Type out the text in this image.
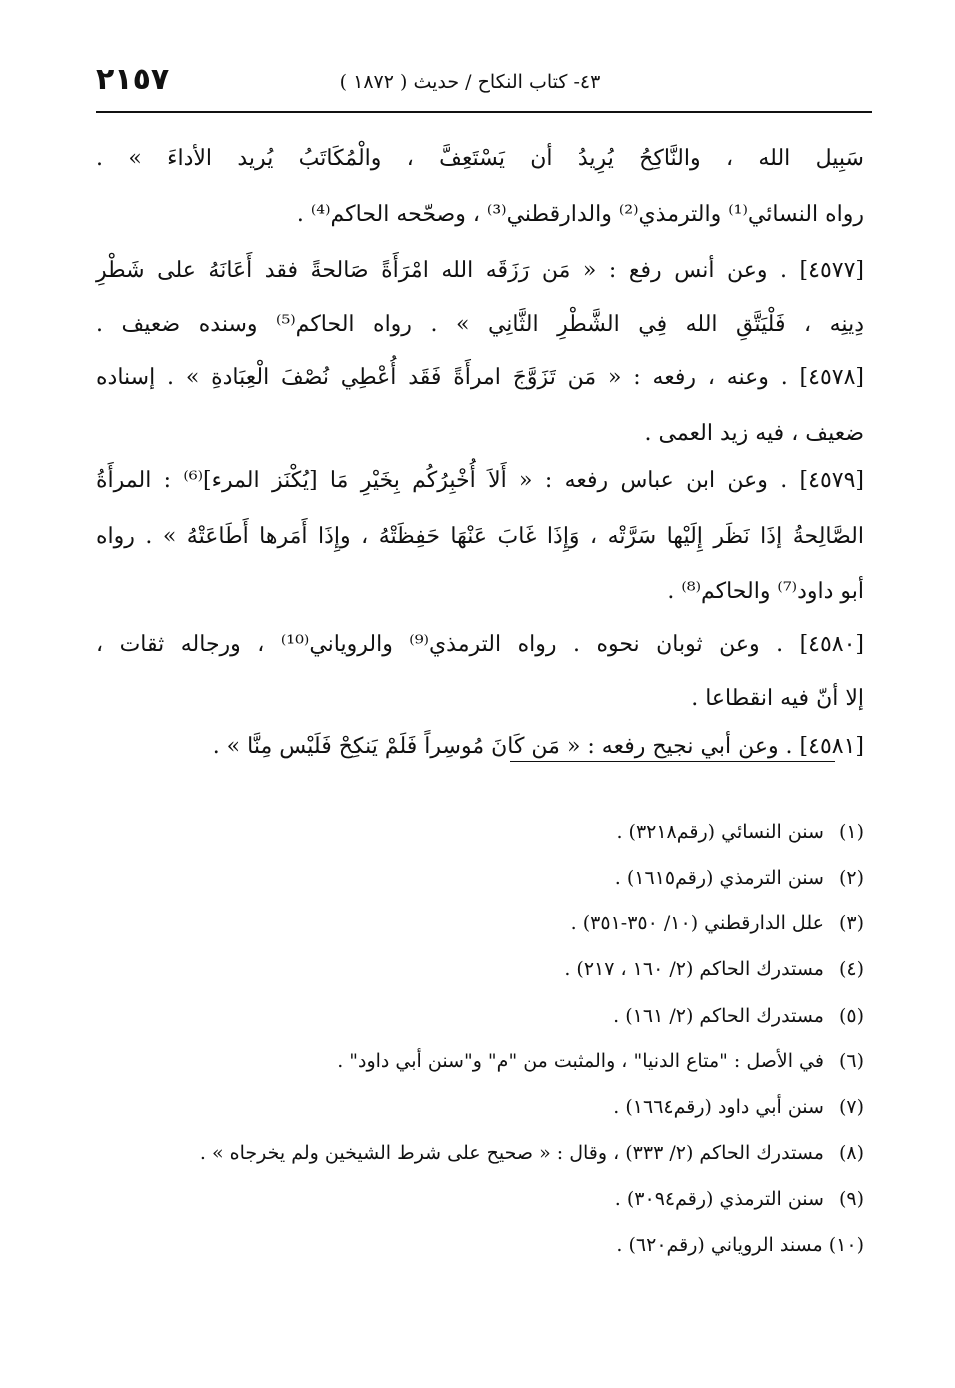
٢١٥٧	٤٣- كتاب النكاح / حديث ( ١٨٧٢ )
سَبِيل الله ، والنَّاكِحُ يُرِيدُ أن يَسْتَعِفَّ ، والْمُكَاتَبُ يُريد الأداءَ » .
رواه النسائي⁽¹⁾ والترمذي⁽²⁾ والدارقطني⁽³⁾ ، وصحّحه الحاكم⁽⁴⁾ .
[٤٥٧٧] . وعن أنس رفع : « مَن رَزَقَه الله امْرَأَةً صَالحةً فقد أَعَانَهُ على شَطْرِ
دِينِه ، فَلْيَتَّقِ الله فِي الشَّطْرِ الثَّانِي » . رواه الحاكم⁽⁵⁾ وسنده ضعيف .
[٤٥٧٨] . وعنه ، رفعه : « مَن تَزَوَّجَ امرأَةً فَقَد أُعْطِي نُصْفَ الْعِبَادةِ » . إسناده
ضعيف ، فيه زيد العمى .
[٤٥٧٩] . وعن ابن عباس رفعه : « أَلاَ أُخْبِرُكُم بِخَيْرِ مَا [يُكْنَز المرء]⁽⁶⁾ : المرأَةُ
الصَّالِحةُ إذَا نَظَر إِلَيْها سَرَّتْه ، وَإِذَا غَابَ عَنْهَا حَفِظَتْهُ ، وإِذَا أَمَرها أَطَاعَتْهُ » . رواه
أبو داود⁽⁷⁾ والحاكم⁽⁸⁾ .
[٤٥٨٠] . وعن ثوبان نحوه . رواه الترمذي⁽⁹⁾ والروياني⁽¹⁰⁾ ، ورجاله ثقات ،
إلا أنّ فيه انقطاعا .
[٤٥٨١] . وعن أبي نجيح رفعه : « مَن كَانَ مُوسِراً فَلَمْ يَنكِحْ فَلَيْس مِنَّا » .
(١) سنن النسائي (رقم٣٢١٨) .
(٢) سنن الترمذي (رقم١٦١٥) .
(٣) علل الدارقطني (١٠/ ٣٥٠-٣٥١) .
(٤) مستدرك الحاكم (٢/ ١٦٠ ، ٢١٧) .
(٥) مستدرك الحاكم (٢/ ١٦١) .
(٦) في الأصل : "متاع الدنيا" ، والمثبت من "م" و"سنن أبي داود" .
(٧) سنن أبي داود (رقم١٦٦٤) .
(٨) مستدرك الحاكم (٢/ ٣٣٣) ، وقال : « صحيح على شرط الشيخين ولم يخرجاه » .
(٩) سنن الترمذي (رقم٣٠٩٤) .
(١٠) مسند الروياني (رقم٦٢٠) .
